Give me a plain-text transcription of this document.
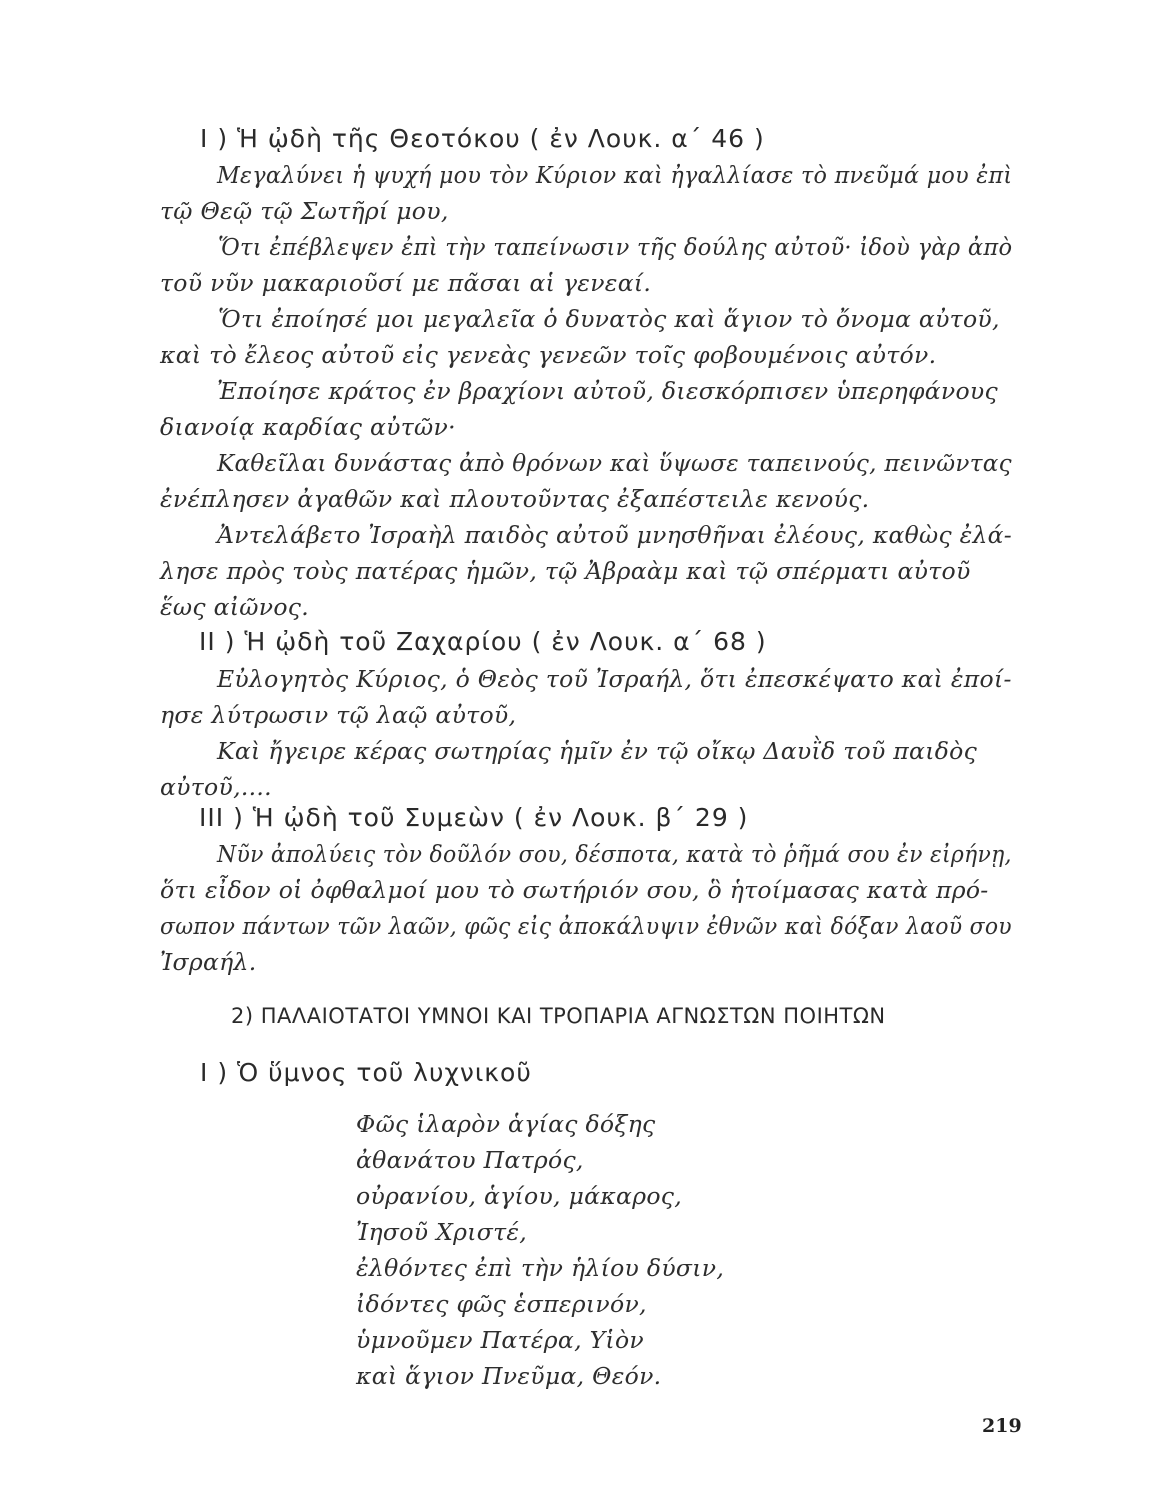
I ) Ἡ ᾠδὴ τῆς Θεοτόκου ( ἐν Λουκ. α΄ 46 )
Μεγαλύνει ἡ ψυχή μου τὸν Κύριον καὶ ἠγαλλίασε τὸ πνεῦμά μου ἐπὶ
τῷ Θεῷ τῷ Σωτῆρί μου,
Ὅτι ἐπέβλεψεν ἐπὶ τὴν ταπείνωσιν τῆς δούλης αὐτοῦ· ἰδοὺ γὰρ ἀπὸ
τοῦ νῦν μακαριοῦσί με πᾶσαι αἱ γενεαί.
Ὅτι ἐποίησέ μοι μεγαλεῖα ὁ δυνατὸς καὶ ἅγιον τὸ ὄνομα αὐτοῦ,
καὶ τὸ ἔλεος αὐτοῦ εἰς γενεὰς γενεῶν τοῖς φοβουμένοις αὐτόν.
Ἐποίησε κράτος ἐν βραχίονι αὐτοῦ, διεσκόρπισεν ὑπερηφάνους
διανοίᾳ καρδίας αὐτῶν·
Καθεῖλαι δυνάστας ἀπὸ θρόνων καὶ ὕψωσε ταπεινούς, πεινῶντας
ἐνέπλησεν ἀγαθῶν καὶ πλουτοῦντας ἐξαπέστειλε κενούς.
Ἀντελάβετο Ἰσραὴλ παιδὸς αὐτοῦ μνησθῆναι ἐλέους, καθὼς ἐλά-
λησε πρὸς τοὺς πατέρας ἡμῶν, τῷ Ἀβραὰμ καὶ τῷ σπέρματι αὐτοῦ
ἕως αἰῶνος.
II ) Ἡ ᾠδὴ τοῦ Ζαχαρίου ( ἐν Λουκ. α΄ 68 )
Εὐλογητὸς Κύριος, ὁ Θεὸς τοῦ Ἰσραήλ, ὅτι ἐπεσκέψατο καὶ ἐποί-
ησε λύτρωσιν τῷ λαῷ αὐτοῦ,
Καὶ ἤγειρε κέρας σωτηρίας ἡμῖν ἐν τῷ οἴκῳ Δαυῒδ τοῦ παιδὸς
αὐτοῦ,....
III ) Ἡ ᾠδὴ τοῦ Συμεὼν ( ἐν Λουκ. β΄ 29 )
Νῦν ἀπολύεις τὸν δοῦλόν σου, δέσποτα, κατὰ τὸ ῥῆμά σου ἐν εἰρήνῃ,
ὅτι εἶδον οἱ ὀφθαλμοί μου τὸ σωτήριόν σου, ὃ ἡτοίμασας κατὰ πρό-
σωπον πάντων τῶν λαῶν, φῶς εἰς ἀποκάλυψιν ἐθνῶν καὶ δόξαν λαοῦ σου
Ἰσραήλ.
2) ΠΑΛΑΙΟΤΑΤΟΙ ΥΜΝΟΙ ΚΑΙ ΤΡΟΠΑΡΙΑ ΑΓΝΩΣΤΩΝ ΠΟΙΗΤΩΝ
I ) Ὁ ὕμνος τοῦ λυχνικοῦ
Φῶς ἱλαρὸν ἁγίας δόξης
ἀθανάτου Πατρός,
οὐρανίου, ἁγίου, μάκαρος,
Ἰησοῦ Χριστέ,
ἐλθόντες ἐπὶ τὴν ἡλίου δύσιν,
ἰδόντες φῶς ἑσπερινόν,
ὑμνοῦμεν Πατέρα, Υἱὸν
καὶ ἅγιον Πνεῦμα, Θεόν.
219
